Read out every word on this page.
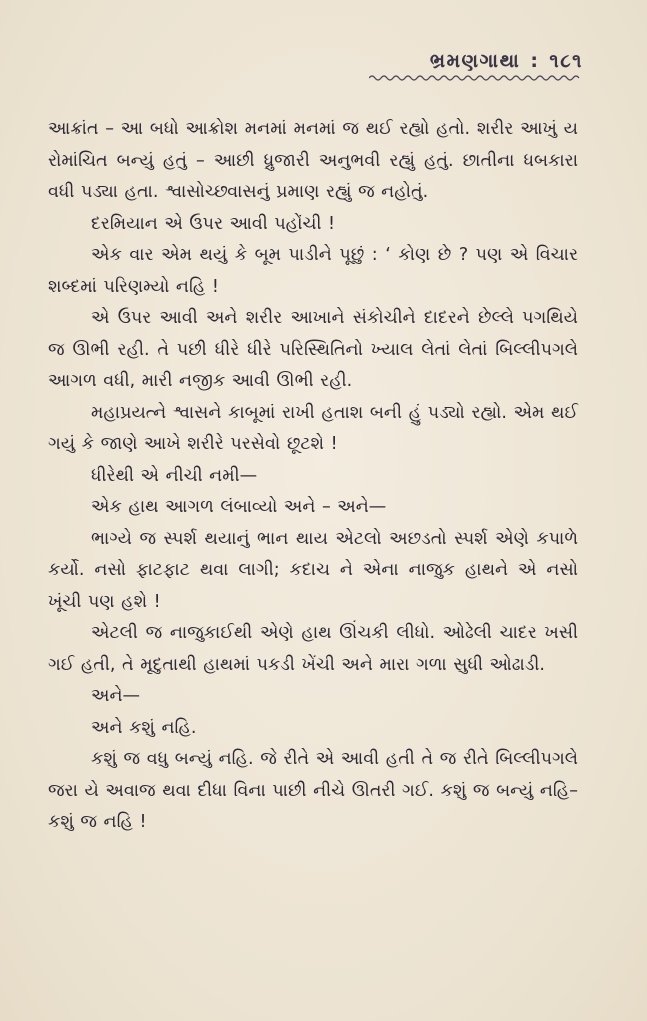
ભ્રમણગાથા : ૧૮૧

આક્રાંત – આ બધો આક્રોશ મનમાં મનમાં જ થઈ રહ્યો હતો. શરીર આખું ય રોમાંચિત બન્યું હતું – આછી ધ્રુજારી અનુભવી રહ્યું હતું. છાતીના ધબકારા વધી પડ્યા હતા. શ્વાસોચ્છ્વાસનું પ્રમાણ રહ્યું જ નહોતું.

દરમિયાન એ ઉપર આવી પહોંચી !

એક વાર એમ થયું કે બૂમ પાડીને પૂછું : ‘ કોણ છે ? પણ એ વિચાર શબ્દમાં પરિણમ્યો નહિ !

એ ઉપર આવી અને શરીર આખાને સંકોચીને દાદરને છેલ્લે પગથિયે જ ઊભી રહી. તે પછી ધીરે ધીરે પરિસ્થિતિનો ખ્યાલ લેતાં લેતાં બિલ્લીપગલે આગળ વધી, મારી નજીક આવી ઊભી રહી.

મહાપ્રયત્ને શ્વાસને કાબૂમાં રાખી હતાશ બની હું પડ્યો રહ્યો. એમ થઈ ગયું કે જાણે આખે શરીરે પરસેવો છૂટશે !

ધીરેથી એ નીચી નમી—

એક હાથ આગળ લંબાવ્યો અને – અને—

ભાગ્યે જ સ્પર્શ થયાનું ભાન થાય એટલો અછડતો સ્પર્શ એણે કપાળે કર્યો. નસો ફાટફાટ થવા લાગી; કદાચ ને એના નાજુક હાથને એ નસો ખૂંચી પણ હશે !

એટલી જ નાજુકાઈથી એણે હાથ ઊંચકી લીધો. ઓઢેલી ચાદર ખસી ગઈ હતી, તે મૃદુતાથી હાથમાં પકડી ખેંચી અને મારા ગળા સુધી ઓઢાડી.

અને—

અને કશું નહિ.

કશું જ વધુ બન્યું નહિ. જે રીતે એ આવી હતી તે જ રીતે બિલ્લીપગલે જરા યે અવાજ થવા દીધા વિના પાછી નીચે ઊતરી ગઈ. કશું જ બન્યું નહિ–કશું જ નહિ !
